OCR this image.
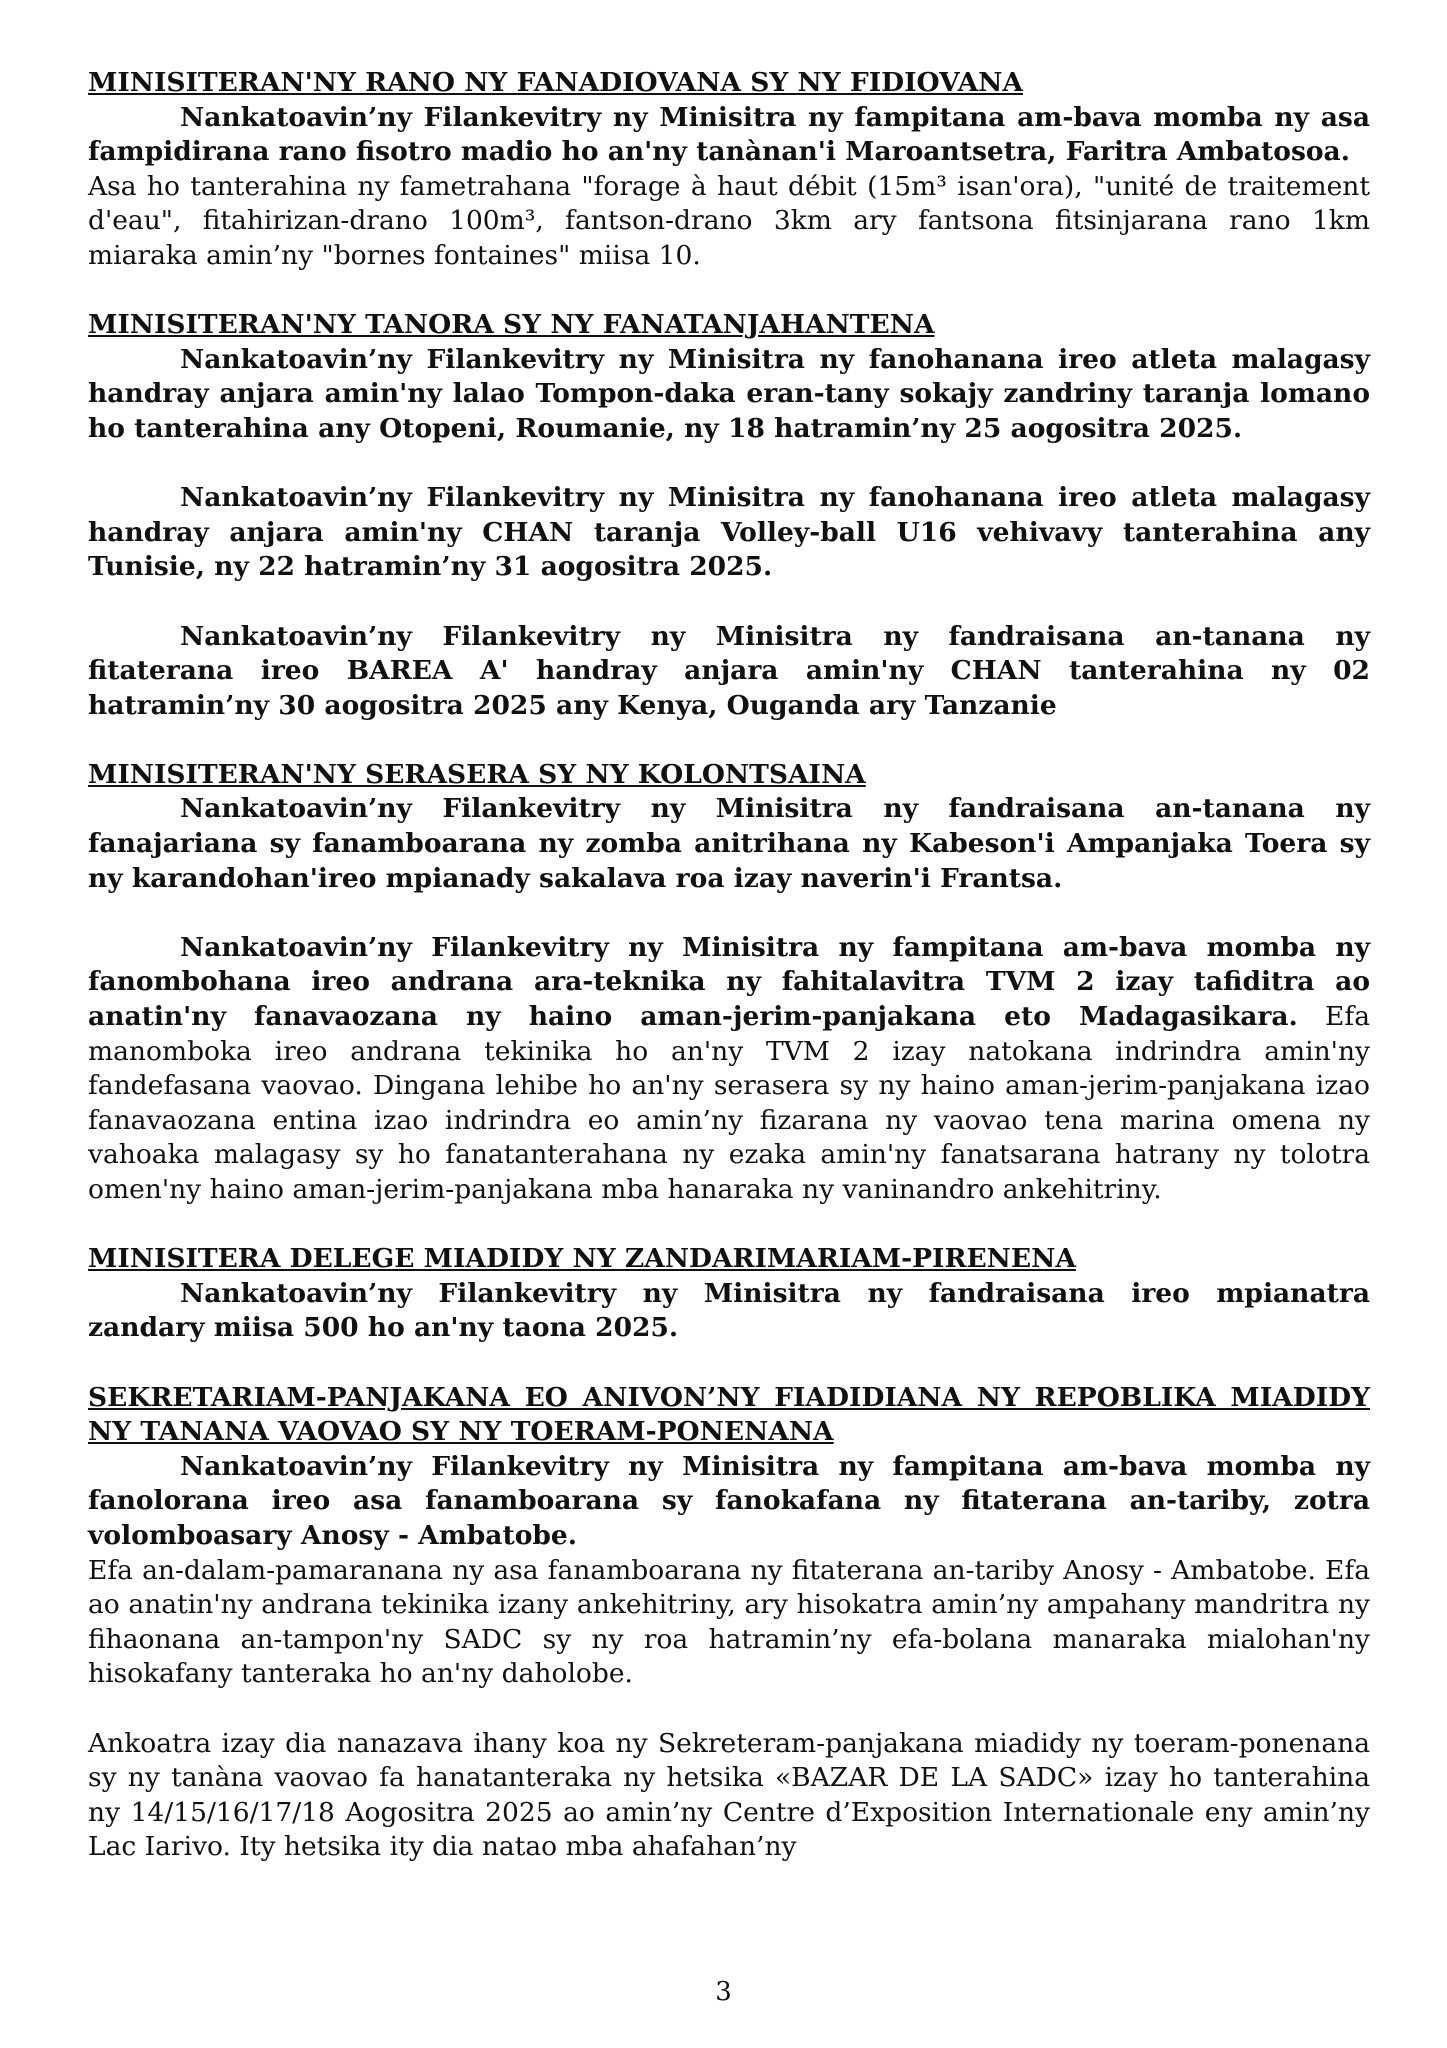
MINISITERAN'NY RANO NY FANADIOVANA SY NY FIDIOVANA

Nankatoavin’ny Filankevitry ny Minisitra ny fampitana am-bava momba ny asa fampidirana rano fisotro madio ho an'ny tanànan'i Maroantsetra, Faritra Ambatosoa.

Asa ho tanterahina ny fametrahana "forage à haut débit (15m³ isan'ora), "unité de traitement d'eau", fitahirizan-drano 100m³, fantson-drano 3km ary fantsona fitsinjarana rano 1km miaraka amin’ny "bornes fontaines" miisa 10.

MINISITERAN'NY TANORA SY NY FANATANJAHANTENA

Nankatoavin’ny Filankevitry ny Minisitra ny fanohanana ireo atleta malagasy handray anjara amin'ny lalao Tompon-daka eran-tany sokajy zandriny taranja lomano ho tanterahina any Otopeni, Roumanie, ny 18 hatramin’ny 25 aogositra 2025.

Nankatoavin’ny Filankevitry ny Minisitra ny fanohanana ireo atleta malagasy handray anjara amin'ny CHAN taranja Volley-ball U16 vehivavy tanterahina any Tunisie, ny 22 hatramin’ny 31 aogositra 2025.

Nankatoavin’ny Filankevitry ny Minisitra ny fandraisana an-tanana ny fitaterana ireo BAREA A' handray anjara amin'ny CHAN tanterahina ny 02 hatramin’ny 30 aogositra 2025 any Kenya, Ouganda ary Tanzanie

MINISITERAN'NY SERASERA SY NY KOLONTSAINA

Nankatoavin’ny Filankevitry ny Minisitra ny fandraisana an-tanana ny fanajariana sy fanamboarana ny zomba anitrihana ny Kabeson'i Ampanjaka Toera sy ny karandohan'ireo mpianady sakalava roa izay naverin'i Frantsa.

Nankatoavin’ny Filankevitry ny Minisitra ny fampitana am-bava momba ny fanombohana ireo andrana ara-teknika ny fahitalavitra TVM 2 izay tafiditra ao anatin'ny fanavaozana ny haino aman-jerim-panjakana eto Madagasikara. Efa manomboka ireo andrana tekinika ho an'ny TVM 2 izay natokana indrindra amin'ny fandefasana vaovao. Dingana lehibe ho an'ny serasera sy ny haino aman-jerim-panjakana izao fanavaozana entina izao indrindra eo amin’ny fizarana ny vaovao tena marina omena ny vahoaka malagasy sy ho fanatanterahana ny ezaka amin'ny fanatsarana hatrany ny tolotra omen'ny haino aman-jerim-panjakana mba hanaraka ny vaninandro ankehitriny.

MINISITERA DELEGE MIADIDY NY ZANDARIMARIAM-PIRENENA

Nankatoavin’ny Filankevitry ny Minisitra ny fandraisana ireo mpianatra zandary miisa 500 ho an'ny taona 2025.

SEKRETARIAM-PANJAKANA EO ANIVON’NY FIADIDIANA NY REPOBLIKA MIADIDY NY TANANA VAOVAO SY NY TOERAM-PONENANA

Nankatoavin’ny Filankevitry ny Minisitra ny fampitana am-bava momba ny fanolorana ireo asa fanamboarana sy fanokafana ny fitaterana an-tariby, zotra volomboasary Anosy - Ambatobe.

Efa an-dalam-pamaranana ny asa fanamboarana ny fitaterana an-tariby Anosy - Ambatobe. Efa ao anatin'ny andrana tekinika izany ankehitriny, ary hisokatra amin’ny ampahany mandritra ny fihaonana an-tampon'ny SADC sy ny roa hatramin’ny efa-bolana manaraka mialohan'ny hisokafany tanteraka ho an'ny daholobe.

Ankoatra izay dia nanazava ihany koa ny Sekreteram-panjakana miadidy ny toeram-ponenana sy ny tanàna vaovao fa hanatanteraka ny hetsika «BAZAR DE LA SADC» izay ho tanterahina ny 14/15/16/17/18 Aogositra 2025 ao amin’ny Centre d’Exposition Internationale eny amin’ny Lac Iarivo. Ity hetsika ity dia natao mba ahafahan’ny

3
